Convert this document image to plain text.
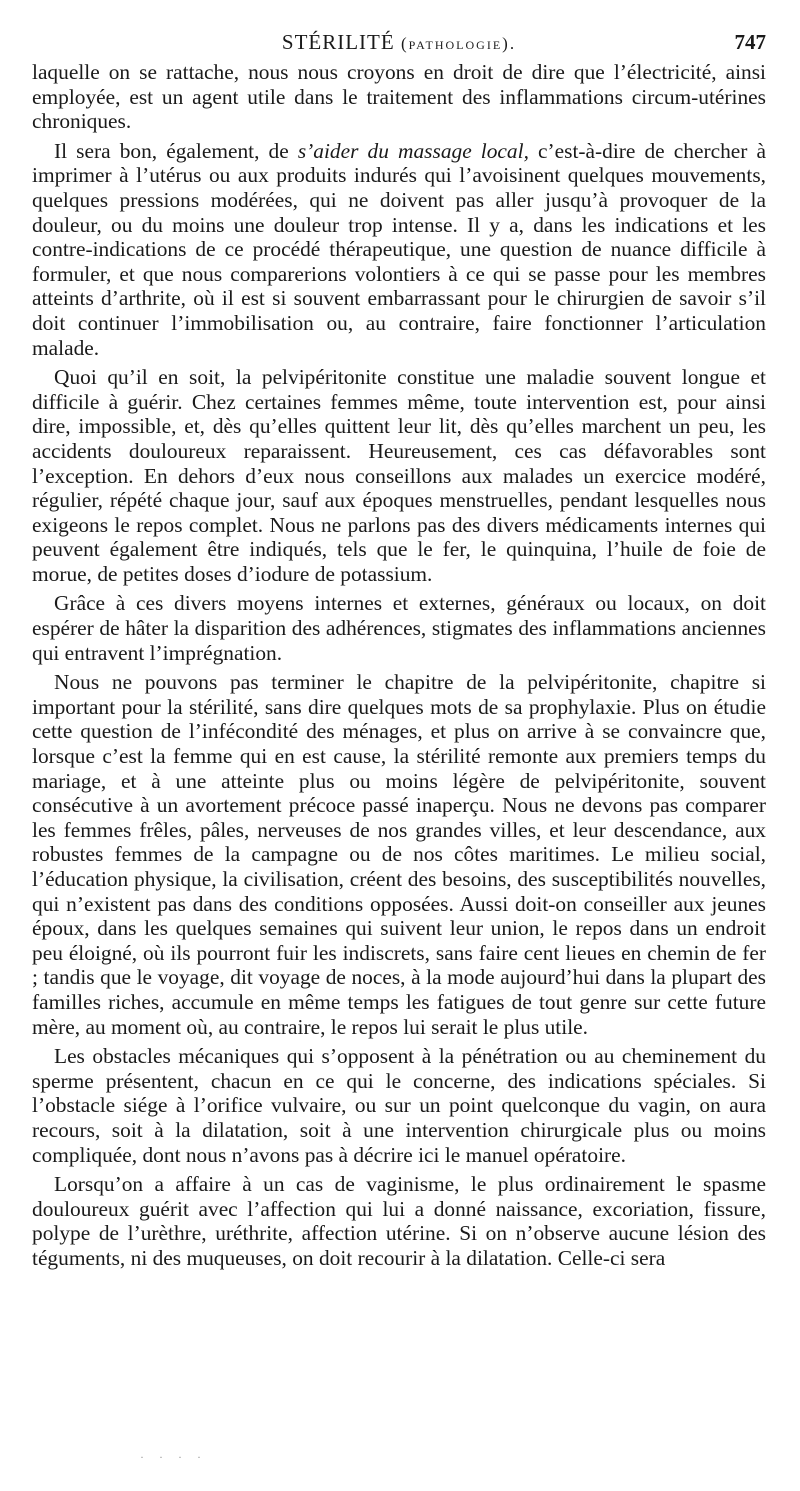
STÉRILITÉ (pathologie).	747

laquelle on se rattache, nous nous croyons en droit de dire que l’électricité, ainsi employée, est un agent utile dans le traitement des inflammations circum-utérines chroniques.

Il sera bon, également, de s’aider du massage local, c’est-à-dire de chercher à imprimer à l’utérus ou aux produits indurés qui l’avoisinent quelques mouvements, quelques pressions modérées, qui ne doivent pas aller jusqu’à provoquer de la douleur, ou du moins une douleur trop intense. Il y a, dans les indications et les contre-indications de ce procédé thérapeutique, une question de nuance difficile à formuler, et que nous comparerions volontiers à ce qui se passe pour les membres atteints d’arthrite, où il est si souvent embarrassant pour le chirurgien de savoir s’il doit continuer l’immobilisation ou, au contraire, faire fonctionner l’articulation malade.

Quoi qu’il en soit, la pelvipéritonite constitue une maladie souvent longue et difficile à guérir. Chez certaines femmes même, toute intervention est, pour ainsi dire, impossible, et, dès qu’elles quittent leur lit, dès qu’elles marchent un peu, les accidents douloureux reparaissent. Heureusement, ces cas défavorables sont l’exception. En dehors d’eux nous conseillons aux malades un exercice modéré, régulier, répété chaque jour, sauf aux époques menstruelles, pendant lesquelles nous exigeons le repos complet. Nous ne parlons pas des divers médicaments internes qui peuvent également être indiqués, tels que le fer, le quinquina, l’huile de foie de morue, de petites doses d’iodure de potassium.

Grâce à ces divers moyens internes et externes, généraux ou locaux, on doit espérer de hâter la disparition des adhérences, stigmates des inflammations anciennes qui entravent l’imprégnation.

Nous ne pouvons pas terminer le chapitre de la pelvipéritonite, chapitre si important pour la stérilité, sans dire quelques mots de sa prophylaxie. Plus on étudie cette question de l’infécondité des ménages, et plus on arrive à se convaincre que, lorsque c’est la femme qui en est cause, la stérilité remonte aux premiers temps du mariage, et à une atteinte plus ou moins légère de pelvipéritonite, souvent consécutive à un avortement précoce passé inaperçu. Nous ne devons pas comparer les femmes frêles, pâles, nerveuses de nos grandes villes, et leur descendance, aux robustes femmes de la campagne ou de nos côtes maritimes. Le milieu social, l’éducation physique, la civilisation, créent des besoins, des susceptibilités nouvelles, qui n’existent pas dans des conditions opposées. Aussi doit-on conseiller aux jeunes époux, dans les quelques semaines qui suivent leur union, le repos dans un endroit peu éloigné, où ils pourront fuir les indiscrets, sans faire cent lieues en chemin de fer ; tandis que le voyage, dit voyage de noces, à la mode aujourd’hui dans la plupart des familles riches, accumule en même temps les fatigues de tout genre sur cette future mère, au moment où, au contraire, le repos lui serait le plus utile.

Les obstacles mécaniques qui s’opposent à la pénétration ou au cheminement du sperme présentent, chacun en ce qui le concerne, des indications spéciales. Si l’obstacle siége à l’orifice vulvaire, ou sur un point quelconque du vagin, on aura recours, soit à la dilatation, soit à une intervention chirurgicale plus ou moins compliquée, dont nous n’avons pas à décrire ici le manuel opératoire.

Lorsqu’on a affaire à un cas de vaginisme, le plus ordinairement le spasme douloureux guérit avec l’affection qui lui a donné naissance, excoriation, fissure, polype de l’urèthre, uréthrite, affection utérine. Si on n’observe aucune lésion des téguments, ni des muqueuses, on doit recourir à la dilatation. Celle-ci sera

· · · ·
